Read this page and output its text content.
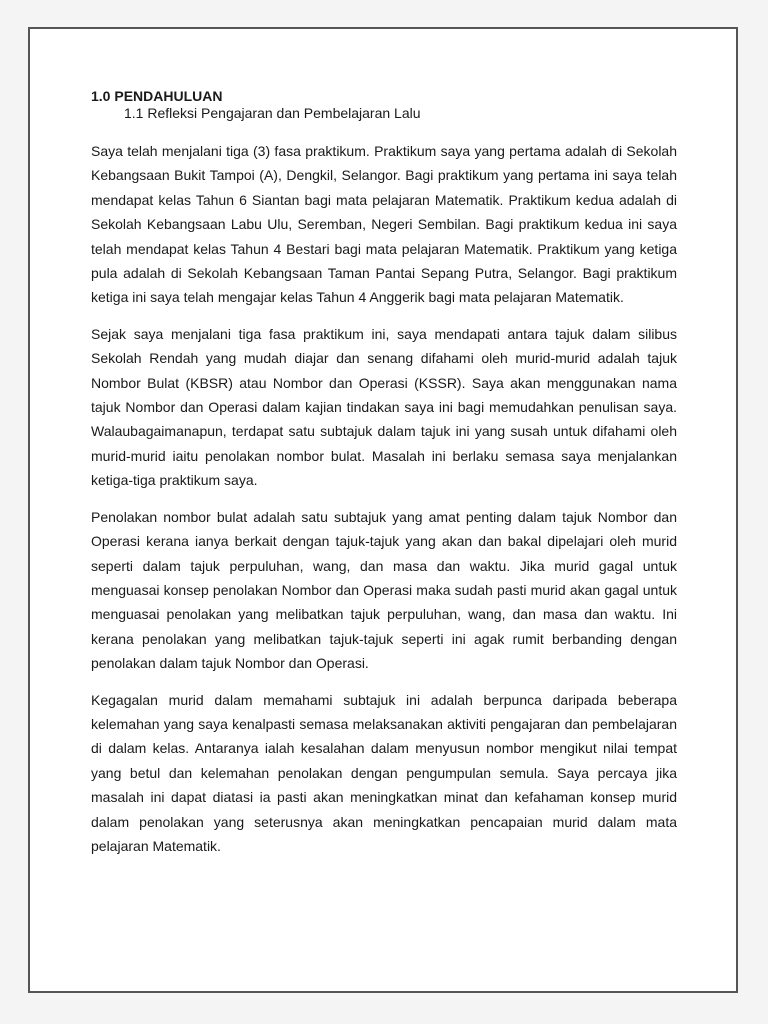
1.0 PENDAHULUAN

1.1 Refleksi Pengajaran dan Pembelajaran Lalu

Saya telah menjalani tiga (3) fasa praktikum. Praktikum saya yang pertama adalah di Sekolah Kebangsaan Bukit Tampoi (A), Dengkil, Selangor. Bagi praktikum yang pertama ini saya telah mendapat kelas Tahun 6 Siantan bagi mata pelajaran Matematik. Praktikum kedua adalah di Sekolah Kebangsaan Labu Ulu, Seremban, Negeri Sembilan. Bagi praktikum kedua ini saya telah mendapat kelas Tahun 4 Bestari bagi mata pelajaran Matematik. Praktikum yang ketiga pula adalah di Sekolah Kebangsaan Taman Pantai Sepang Putra, Selangor. Bagi praktikum ketiga ini saya telah mengajar kelas Tahun 4 Anggerik bagi mata pelajaran Matematik.

Sejak saya menjalani tiga fasa praktikum ini, saya mendapati antara tajuk dalam silibus Sekolah Rendah yang mudah diajar dan senang difahami oleh murid-murid adalah tajuk Nombor Bulat (KBSR) atau Nombor dan Operasi (KSSR). Saya akan menggunakan nama tajuk Nombor dan Operasi dalam kajian tindakan saya ini bagi memudahkan penulisan saya. Walaubagaimanapun, terdapat satu subtajuk dalam tajuk ini yang susah untuk difahami oleh murid-murid iaitu penolakan nombor bulat. Masalah ini berlaku semasa saya menjalankan ketiga-tiga praktikum saya.

Penolakan nombor bulat adalah satu subtajuk yang amat penting dalam tajuk Nombor dan Operasi kerana ianya berkait dengan tajuk-tajuk yang akan dan bakal dipelajari oleh murid seperti dalam tajuk perpuluhan, wang, dan masa dan waktu. Jika murid gagal untuk menguasai konsep penolakan Nombor dan Operasi maka sudah pasti murid akan gagal untuk menguasai penolakan yang melibatkan tajuk perpuluhan, wang, dan masa dan waktu. Ini kerana penolakan yang melibatkan tajuk-tajuk seperti ini agak rumit berbanding dengan penolakan dalam tajuk Nombor dan Operasi.

Kegagalan murid dalam memahami subtajuk ini adalah berpunca daripada beberapa kelemahan yang saya kenalpasti semasa melaksanakan aktiviti pengajaran dan pembelajaran di dalam kelas. Antaranya ialah kesalahan dalam menyusun nombor mengikut nilai tempat yang betul dan kelemahan penolakan dengan pengumpulan semula. Saya percaya jika masalah ini dapat diatasi ia pasti akan meningkatkan minat dan kefahaman konsep murid dalam penolakan yang seterusnya akan meningkatkan pencapaian murid dalam mata pelajaran Matematik.
